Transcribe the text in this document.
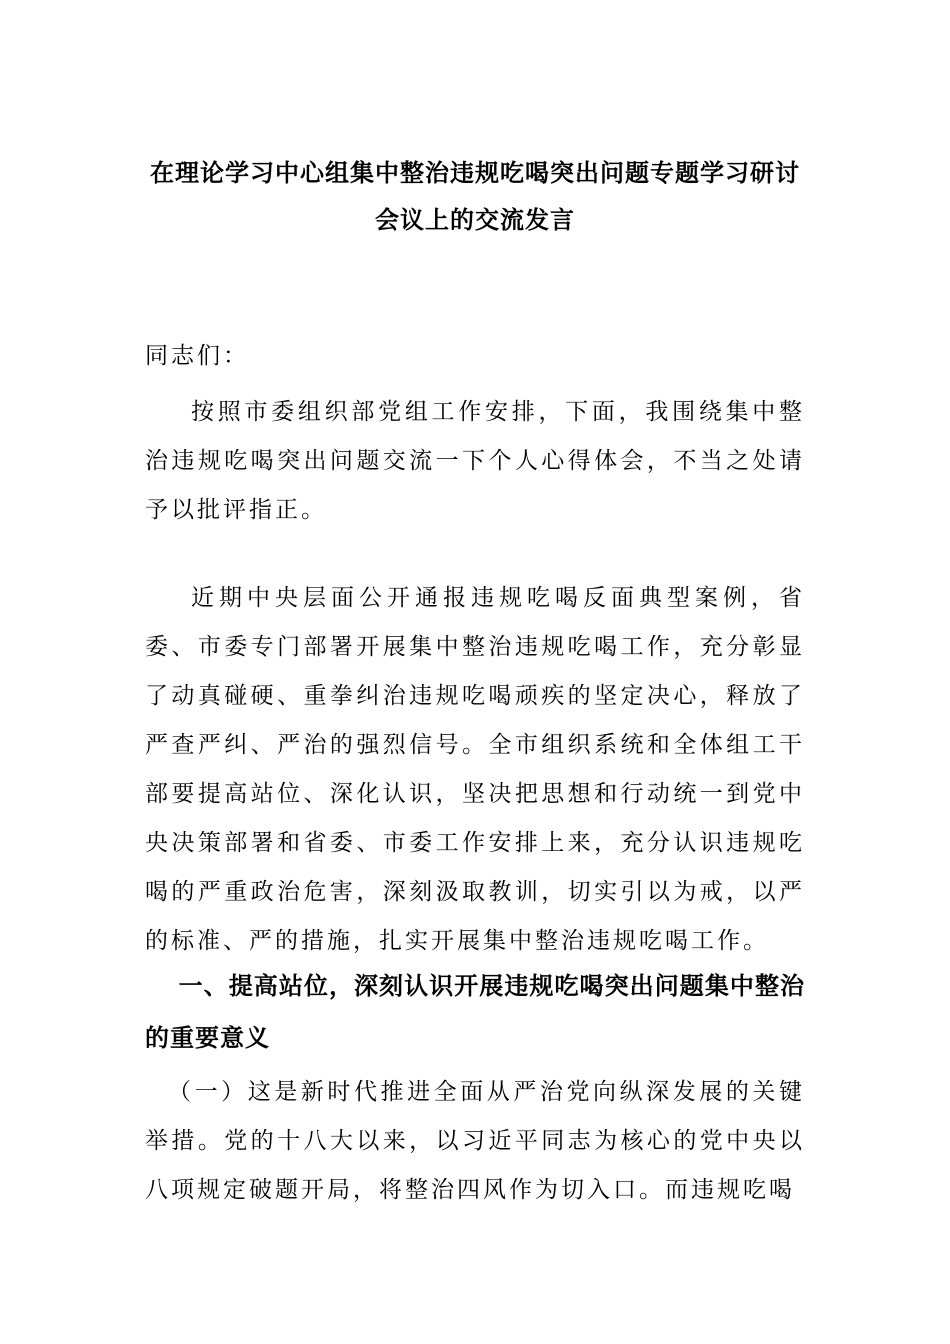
在理论学习中心组集中整治违规吃喝突出问题专题学习研讨会议上的交流发言

同志们：

按照市委组织部党组工作安排，下面，我围绕集中整治违规吃喝突出问题交流一下个人心得体会，不当之处请予以批评指正。

近期中央层面公开通报违规吃喝反面典型案例，省委、市委专门部署开展集中整治违规吃喝工作，充分彰显了动真碰硬、重拳纠治违规吃喝顽疾的坚定决心，释放了严查严纠、严治的强烈信号。全市组织系统和全体组工干部要提高站位、深化认识，坚决把思想和行动统一到党中央决策部署和省委、市委工作安排上来，充分认识违规吃喝的严重政治危害，深刻汲取教训，切实引以为戒，以严的标准、严的措施，扎实开展集中整治违规吃喝工作。

一、提高站位，深刻认识开展违规吃喝突出问题集中整治的重要意义

（一）这是新时代推进全面从严治党向纵深发展的关键举措。党的十八大以来，以习近平同志为核心的党中央以八项规定破题开局，将整治四风作为切入口。而违规吃喝
